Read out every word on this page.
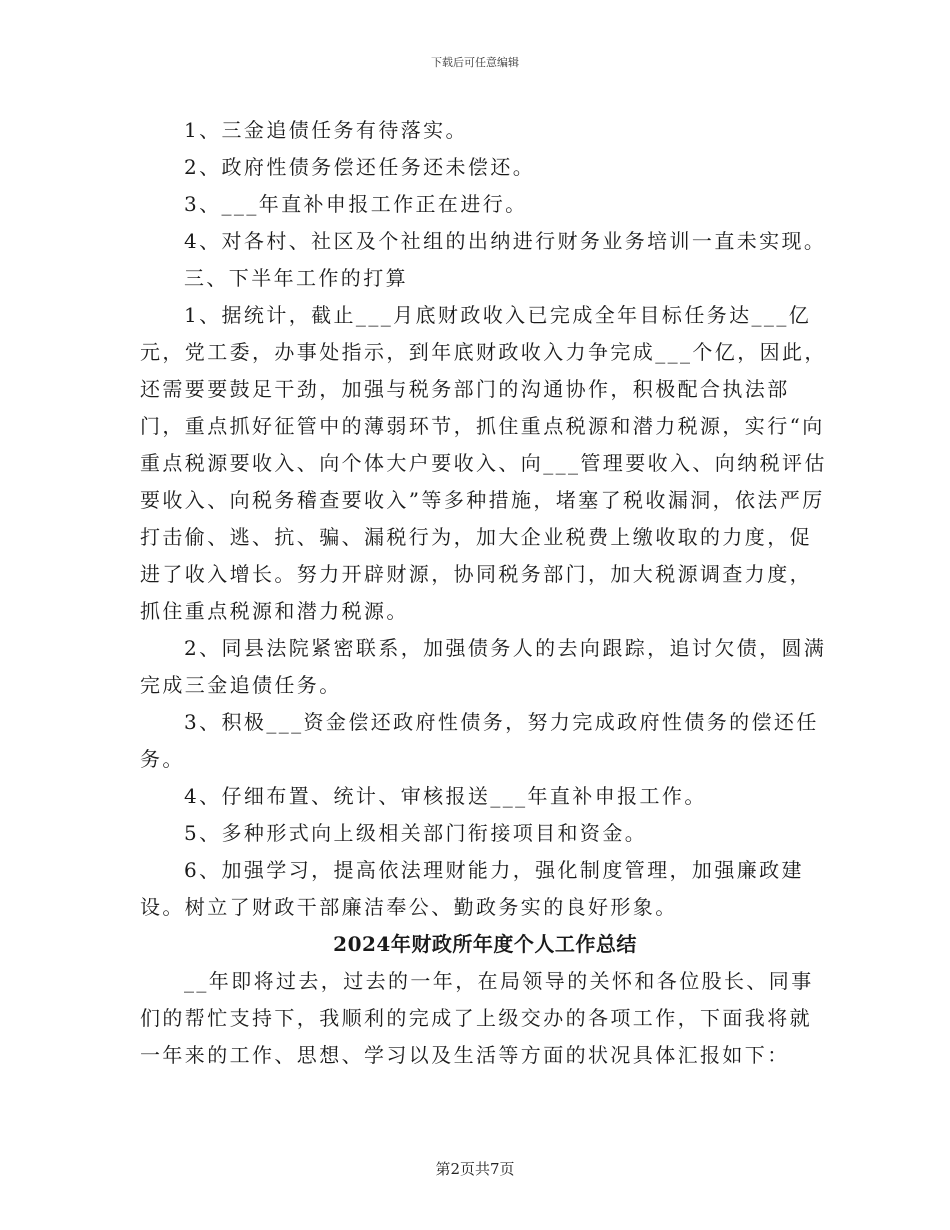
下载后可任意编辑

1、三金追债任务有待落实。

2、政府性债务偿还任务还未偿还。

3、___年直补申报工作正在进行。

4、对各村、社区及个社组的出纳进行财务业务培训一直未实现。

三、下半年工作的打算

1、据统计，截止___月底财政收入已完成全年目标任务达___亿元，党工委，办事处指示，到年底财政收入力争完成___个亿，因此，还需要要鼓足干劲，加强与税务部门的沟通协作，积极配合执法部门，重点抓好征管中的薄弱环节，抓住重点税源和潜力税源，实行“向重点税源要收入、向个体大户要收入、向___管理要收入、向纳税评估要收入、向税务稽查要收入”等多种措施，堵塞了税收漏洞，依法严厉打击偷、逃、抗、骗、漏税行为，加大企业税费上缴收取的力度，促进了收入增长。努力开辟财源，协同税务部门，加大税源调查力度，抓住重点税源和潜力税源。

2、同县法院紧密联系，加强债务人的去向跟踪，追讨欠债，圆满完成三金追债任务。

3、积极___资金偿还政府性债务，努力完成政府性债务的偿还任务。

4、仔细布置、统计、审核报送___年直补申报工作。

5、多种形式向上级相关部门衔接项目和资金。

6、加强学习，提高依法理财能力，强化制度管理，加强廉政建设。树立了财政干部廉洁奉公、勤政务实的良好形象。

2024年财政所年度个人工作总结

__年即将过去，过去的一年，在局领导的关怀和各位股长、同事们的帮忙支持下，我顺利的完成了上级交办的各项工作，下面我将就一年来的工作、思想、学习以及生活等方面的状况具体汇报如下：

第2页共7页
